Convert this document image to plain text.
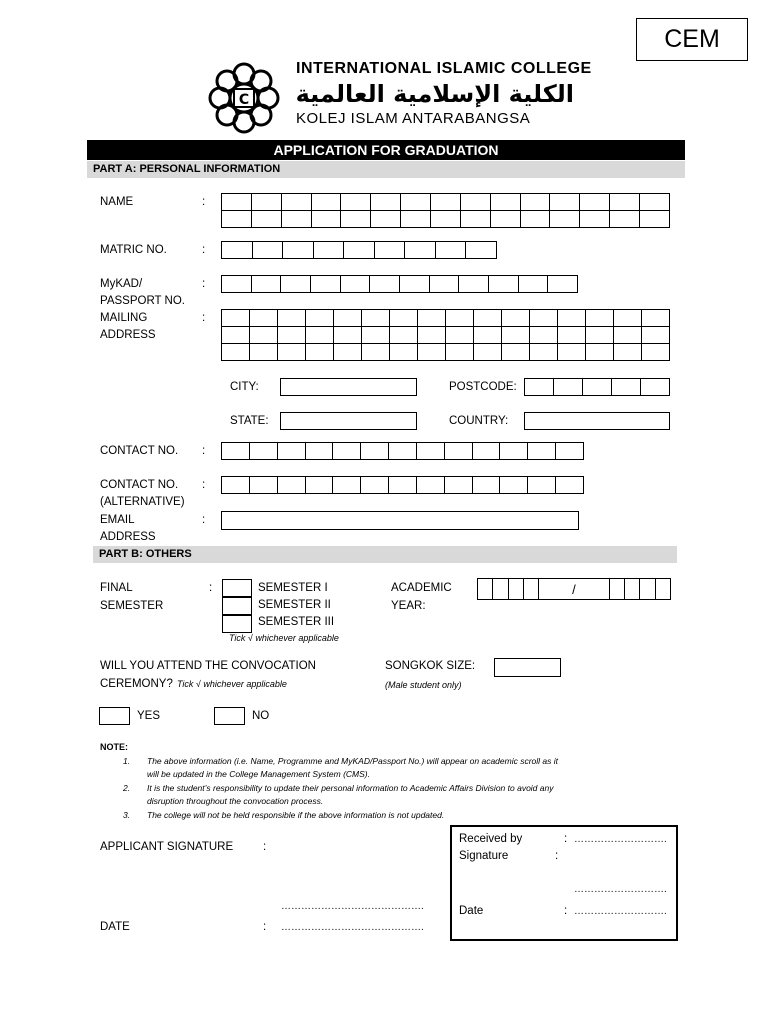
CEM
C
INTERNATIONAL ISLAMIC COLLEGE
الكلية الإسلامية العالمية
KOLEJ ISLAM ANTARABANGSA
APPLICATION FOR GRADUATION
PART A: PERSONAL INFORMATION
NAME	:

MATRIC NO.	:

MyKAD/
PASSPORT NO.
:

MAILING
ADDRESS
:

CITY:	POSTCODE:

STATE:	COUNTRY:
CONTACT NO. :

CONTACT NO.
(ALTERNATIVE)
:

EMAIL
ADDRESS
:
PART B: OTHERS
FINAL
SEMESTER
:	SEMESTER I
SEMESTER II
SEMESTER III
Tick √ whichever applicable
ACADEMIC
YEAR:
				/				
WILL YOU ATTEND THE CONVOCATION
CEREMONY? Tick √ whichever applicable
SONGKOK SIZE:
(Male student only)
YES	NO
NOTE:
1. The above information (i.e. Name, Programme and MyKAD/Passport No.) will appear on academic scroll as it
will be updated in the College Management System (CMS).
2. It is the student’s responsibility to update their personal information to Academic Affairs Division to avoid any
disruption throughout the convocation process.
3. The college will not be held responsible if the above information is not updated.
APPLICANT SIGNATURE	:
…………………………………….
DATE	: …………………………………….
Received by	: ……………………….
Signature	:
……………………….
Date	: ……………………….
